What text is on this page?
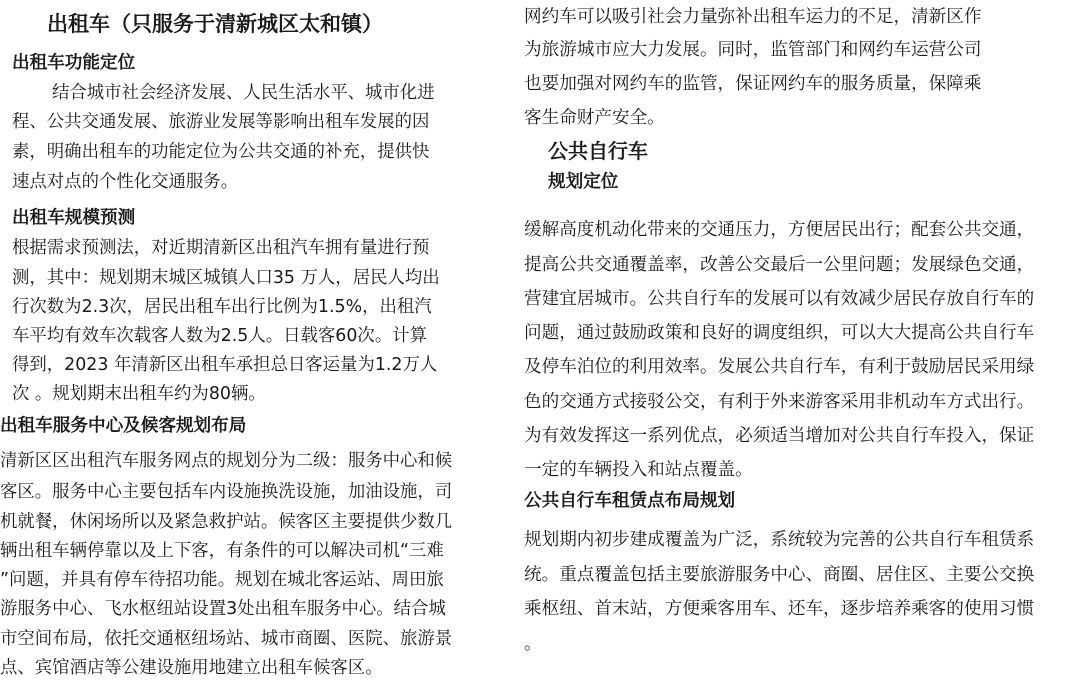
出租车（只服务于清新城区太和镇）
出租车功能定位
结合城市社会经济发展、人民生活水平、城市化进
程、公共交通发展、旅游业发展等影响出租车发展的因
素，明确出租车的功能定位为公共交通的补充，提供快
速点对点的个性化交通服务。
出租车规模预测
根据需求预测法，对近期清新区出租汽车拥有量进行预
测，其中：规划期末城区城镇人口35 万人，居民人均出
行次数为2.3次，居民出租车出行比例为1.5%，出租汽
车平均有效车次载客人数为2.5人。日载客60次。计算
得到，2023 年清新区出租车承担总日客运量为1.2万人
次 。规划期末出租车约为80辆。
出租车服务中心及候客规划布局
清新区区出租汽车服务网点的规划分为二级：服务中心和候
客区。服务中心主要包括车内设施换洗设施，加油设施，司
机就餐，休闲场所以及紧急救护站。候客区主要提供少数几
辆出租车辆停靠以及上下客，有条件的可以解决司机“三难
”问题，并具有停车待招功能。规划在城北客运站、周田旅
游服务中心、飞水枢纽站设置3处出租车服务中心。结合城
市空间布局，依托交通枢纽场站、城市商圈、医院、旅游景
点、宾馆酒店等公建设施用地建立出租车候客区。
网约车可以吸引社会力量弥补出租车运力的不足，清新区作
为旅游城市应大力发展。同时，监管部门和网约车运营公司
也要加强对网约车的监管，保证网约车的服务质量，保障乘
客生命财产安全。
公共自行车
规划定位
缓解高度机动化带来的交通压力，方便居民出行；配套公共交通，
提高公共交通覆盖率，改善公交最后一公里问题；发展绿色交通，
营建宜居城市。公共自行车的发展可以有效减少居民存放自行车的
问题，通过鼓励政策和良好的调度组织，可以大大提高公共自行车
及停车泊位的利用效率。发展公共自行车，有利于鼓励居民采用绿
色的交通方式接驳公交，有利于外来游客采用非机动车方式出行。
为有效发挥这一系列优点，必须适当增加对公共自行车投入，保证
一定的车辆投入和站点覆盖。
公共自行车租赁点布局规划
规划期内初步建成覆盖为广泛，系统较为完善的公共自行车租赁系
统。重点覆盖包括主要旅游服务中心、商圈、居住区、主要公交换
乘枢纽、首末站，方便乘客用车、还车，逐步培养乘客的使用习惯
。
